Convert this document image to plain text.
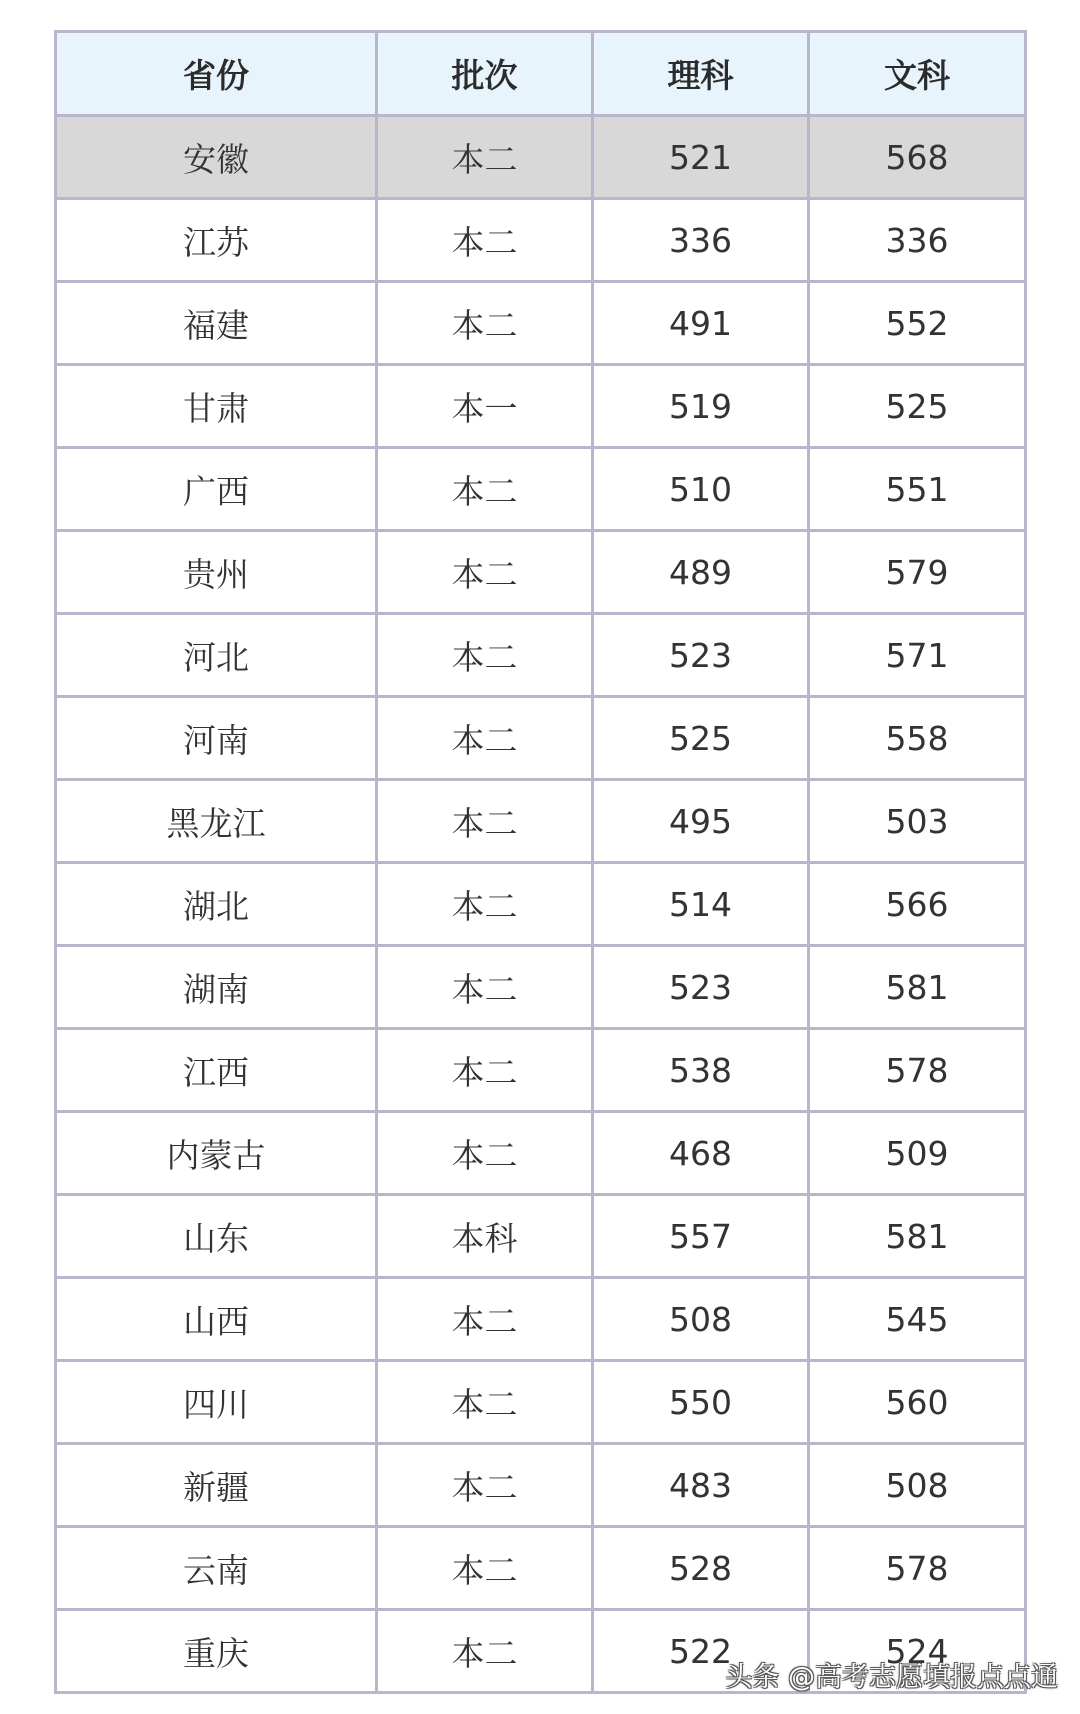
省份	批次	理科	文科
安徽	本二	521	568
江苏	本二	336	336
福建	本二	491	552
甘肃	本一	519	525
广西	本二	510	551
贵州	本二	489	579
河北	本二	523	571
河南	本二	525	558
黑龙江	本二	495	503
湖北	本二	514	566
湖南	本二	523	581
江西	本二	538	578
内蒙古	本二	468	509
山东	本科	557	581
山西	本二	508	545
四川	本二	550	560
新疆	本二	483	508
云南	本二	528	578
重庆	本二	522	524
头条 @高考志愿填报点点通
